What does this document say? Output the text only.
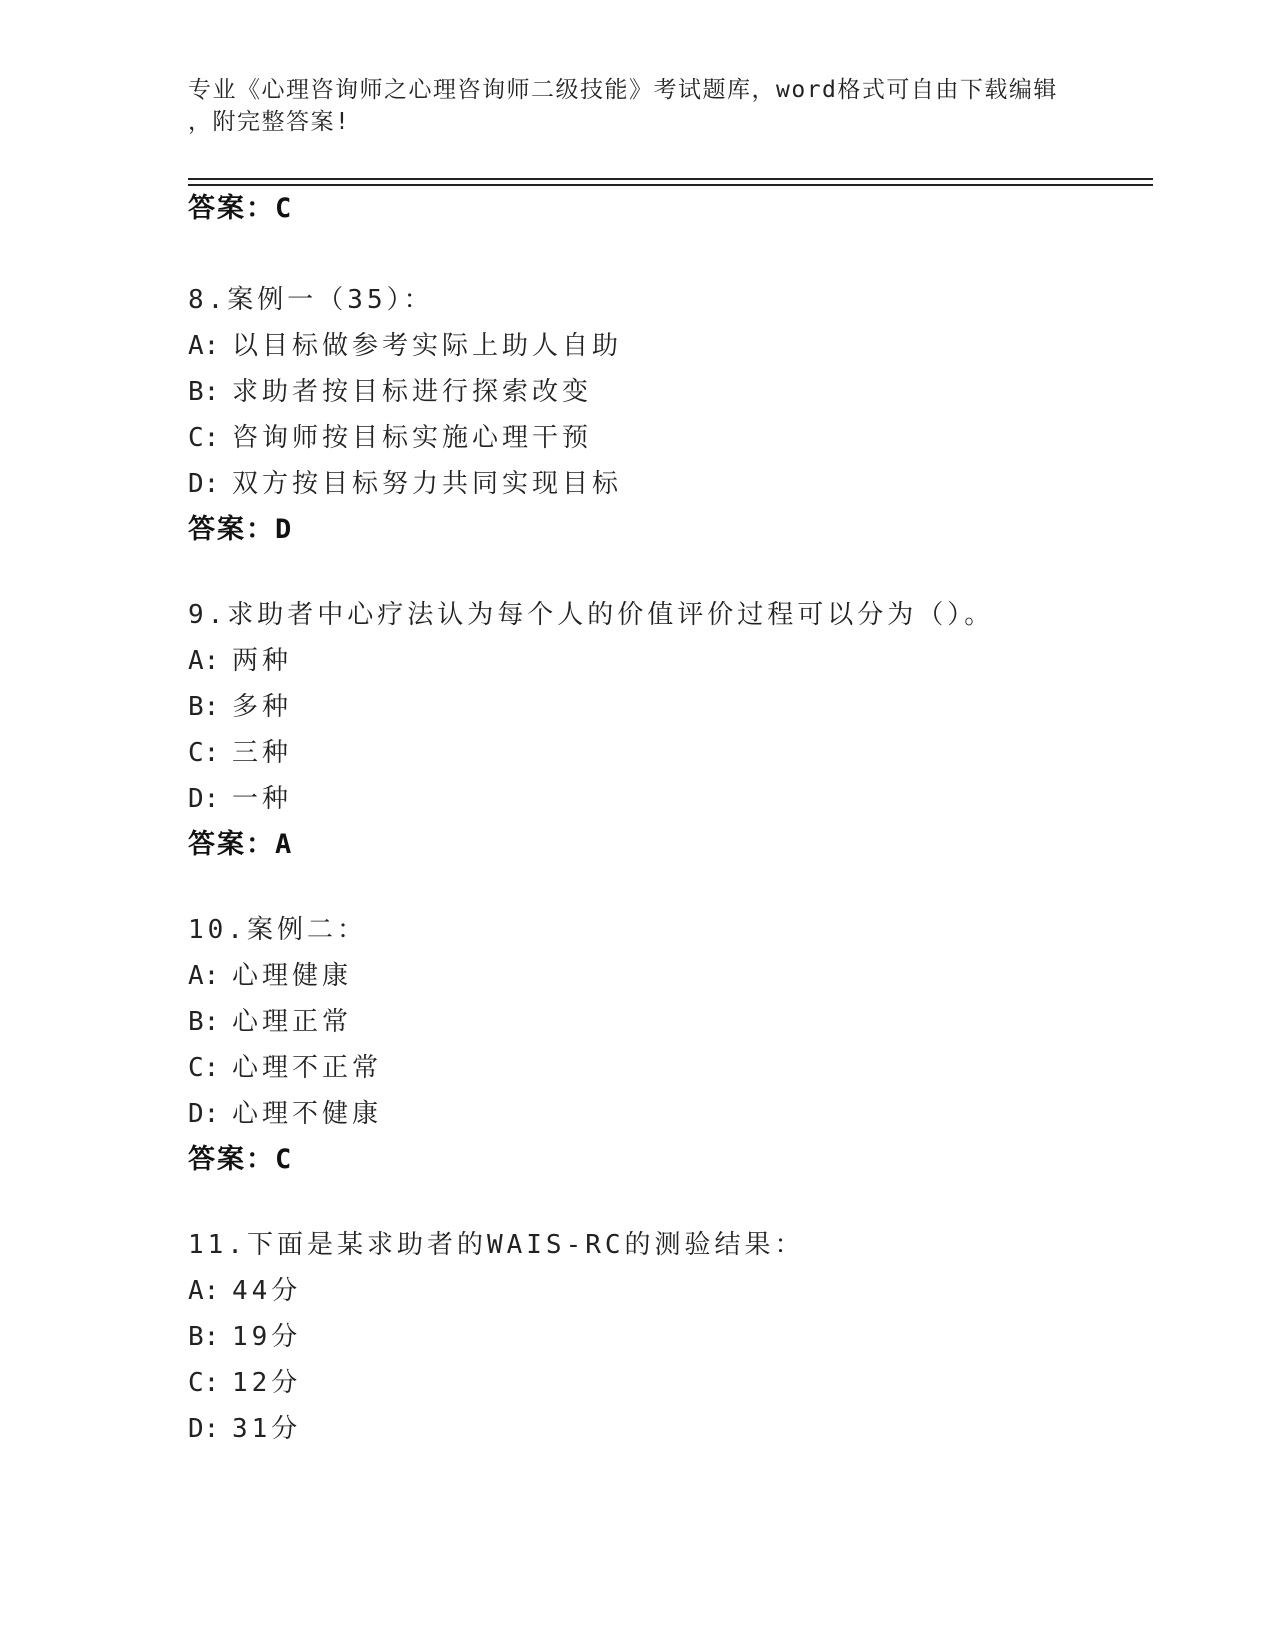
专业《心理咨询师之心理咨询师二级技能》考试题库，word格式可自由下载编辑
，附完整答案!
答案：C
8.案例一（35）：
A: 以目标做参考实际上助人自助
B: 求助者按目标进行探索改变
C: 咨询师按目标实施心理干预
D: 双方按目标努力共同实现目标
答案：D
9.求助者中心疗法认为每个人的价值评价过程可以分为（）。
A: 两种
B: 多种
C: 三种
D: 一种
答案：A
10.案例二：
A: 心理健康
B: 心理正常
C: 心理不正常
D: 心理不健康
答案：C
11.下面是某求助者的WAIS-RC的测验结果：
A: 44分
B: 19分
C: 12分
D: 31分
